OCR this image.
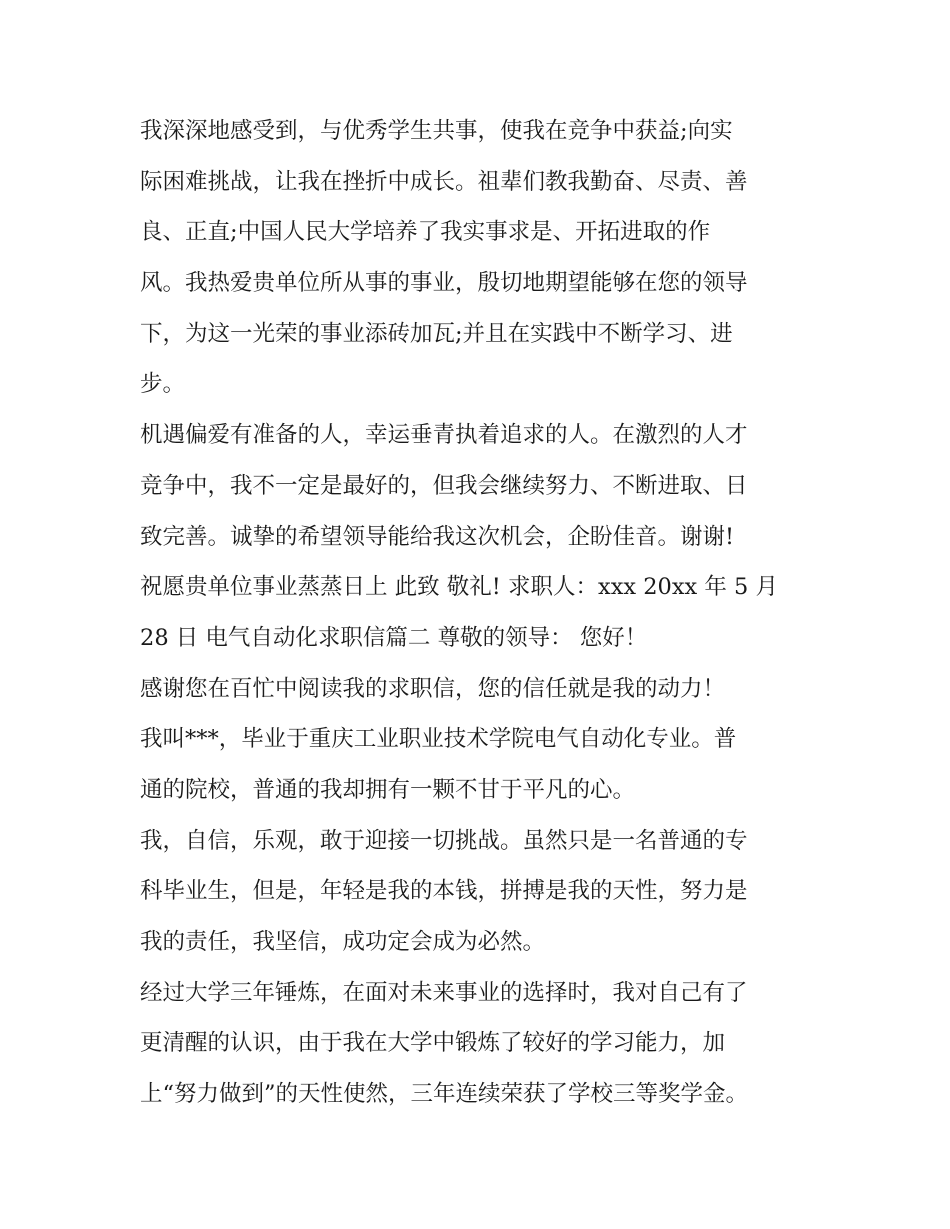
我深深地感受到，与优秀学生共事，使我在竞争中获益;向实
际困难挑战，让我在挫折中成长。祖辈们教我勤奋、尽责、善
良、正直;中国人民大学培养了我实事求是、开拓进取的作
风。我热爱贵单位所从事的事业，殷切地期望能够在您的领导
下，为这一光荣的事业添砖加瓦;并且在实践中不断学习、进
步。
机遇偏爱有准备的人，幸运垂青执着追求的人。在激烈的人才
竞争中，我不一定是最好的，但我会继续努力、不断进取、日
致完善。诚挚的希望领导能给我这次机会，企盼佳音。谢谢!
祝愿贵单位事业蒸蒸日上 此致 敬礼! 求职人：xxx 20xx 年 5 月
28 日 电气自动化求职信篇二 尊敬的领导： 您好！
感谢您在百忙中阅读我的求职信，您的信任就是我的动力！
我叫***，毕业于重庆工业职业技术学院电气自动化专业。普
通的院校，普通的我却拥有一颗不甘于平凡的心。
我，自信，乐观，敢于迎接一切挑战。虽然只是一名普通的专
科毕业生，但是，年轻是我的本钱，拼搏是我的天性，努力是
我的责任，我坚信，成功定会成为必然。
经过大学三年锤炼，在面对未来事业的选择时，我对自己有了
更清醒的认识，由于我在大学中锻炼了较好的学习能力，加
上“努力做到”的天性使然，三年连续荣获了学校三等奖学金。
